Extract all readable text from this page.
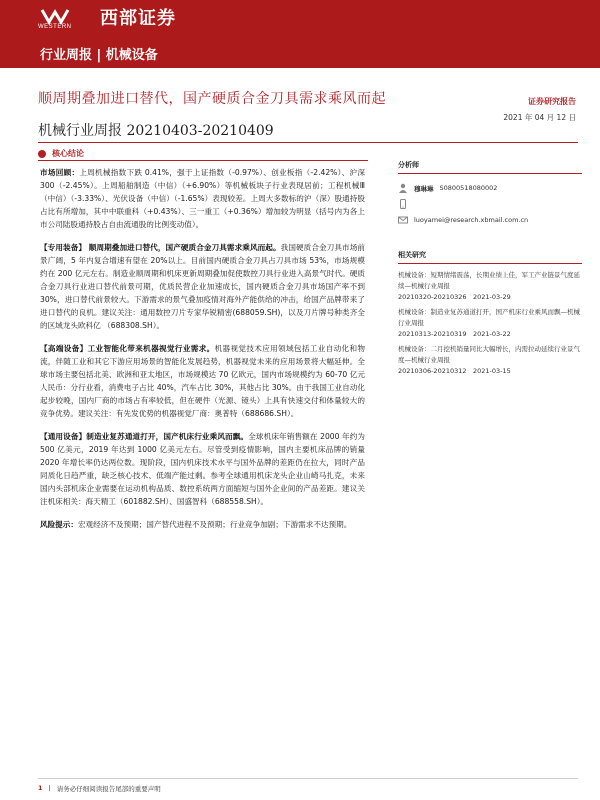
WESTERN 西部证券
行业周报 | 机械设备
顺周期叠加进口替代，国产硬质合金刀具需求乘风而起	证券研究报告
2021 年 04 月 12 日
机械行业周报 20210403-20210409
核心结论

市场回顾：上周机械指数下跌 0.41%，强于上证指数（-0.97%）、创业板指（-2.42%）、沪深 300（-2.45%）。上周船舶制造（中信）（+6.90%）等机械板块子行业表现居前；工程机械Ⅲ（中信）（-3.33%）、光伏设备（中信）（-1.65%）表现较差。上周大多数标的沪（深）股通持股占比有所增加，其中中联重科（+0.43%）、三一重工（+0.36%）增加较为明显（括号内为各上市公司陆股通持股占自由流通股的比例变动值）。

【专用装备】 顺周期叠加进口替代，国产硬质合金刀具需求乘风而起。我国硬质合金刀具市场前景广阔，5 年内复合增速有望在 20%以上。目前国内硬质合金刀具占刀具市场 53%，市场规模约在 200 亿元左右。制造业顺周期和机床更新周期叠加促使数控刀具行业进入高景气时代。硬质合金刀具行业进口替代前景可期，优质民营企业加速成长，国内硬质合金刀具市场国产率不到 30%，进口替代前景较大。下游需求的景气叠加疫情对海外产能供给的冲击，给国产品牌带来了进口替代的良机。建议关注：通用数控刀片专家华锐精密(688059.SH)，以及刀片牌号种类齐全的区域龙头欧科亿 （688308.SH）。

【高端设备】工业智能化带来机器视觉行业需求。机器视觉技术应用领域包括工业自动化和物流，伴随工业和其它下游应用场景的智能化发展趋势，机器视觉未来的应用场景将大幅延伸。全球市场主要包括北美、欧洲和亚太地区，市场规模达 70 亿欧元，国内市场规模约为 60-70 亿元人民币：分行业看，消费电子占比 40%，汽车占比 30%，其他占比 30%。由于我国工业自动化起步较晚，国内厂商的市场占有率较低，但在硬件（光源、镜头）上具有快速交付和体量较大的竞争优势。建议关注：有先发优势的机器视觉厂商：奥普特（688686.SH）。

【通用设备】制造业复苏通道打开，国产机床行业乘风而飘。全球机床年销售额在 2000 年约为 500 亿美元，2019 年达到 1000 亿美元左右。尽管受到疫情影响，国内主要机床品牌的销量 2020 年增长率仍达两位数。现阶段，国内机床技术水平与国外品牌的差距仍在拉大，同时产品同质化日趋严重，缺乏核心技术、低端产能过剩。参考全球通用机床龙头企业山崎马扎克，未来国内头部机床企业需要在运动机构品质、数控系统两方面缩短与国外企业间的产品差距。建议关注机床相关：海天精工（601882.SH）、国盛智科（688558.SH）。

风险提示：宏观经济不及预期；国产替代进程不及预期；行业竞争加剧；下游需求不达预期。

分析师
穆琳琳 S0800518080002
luoyamei@research.xbmail.com.cn
相关研究
机械设备：短期情绪震荡，长期业绩上佳，军工产业链景气度延续—机械行业周报
20210320-20210326　2021-03-29
机械设备：制造业复苏通道打开，国产机床行业乘风而飘—机械行业周报
20210313-20210319　2021-03-22
机械设备：二月挖机销量同比大幅增长，内需拉动延续行业景气度—机械行业周报
20210306-20210312　2021-03-15
1 | 请务必仔细阅读报告尾部的重要声明
